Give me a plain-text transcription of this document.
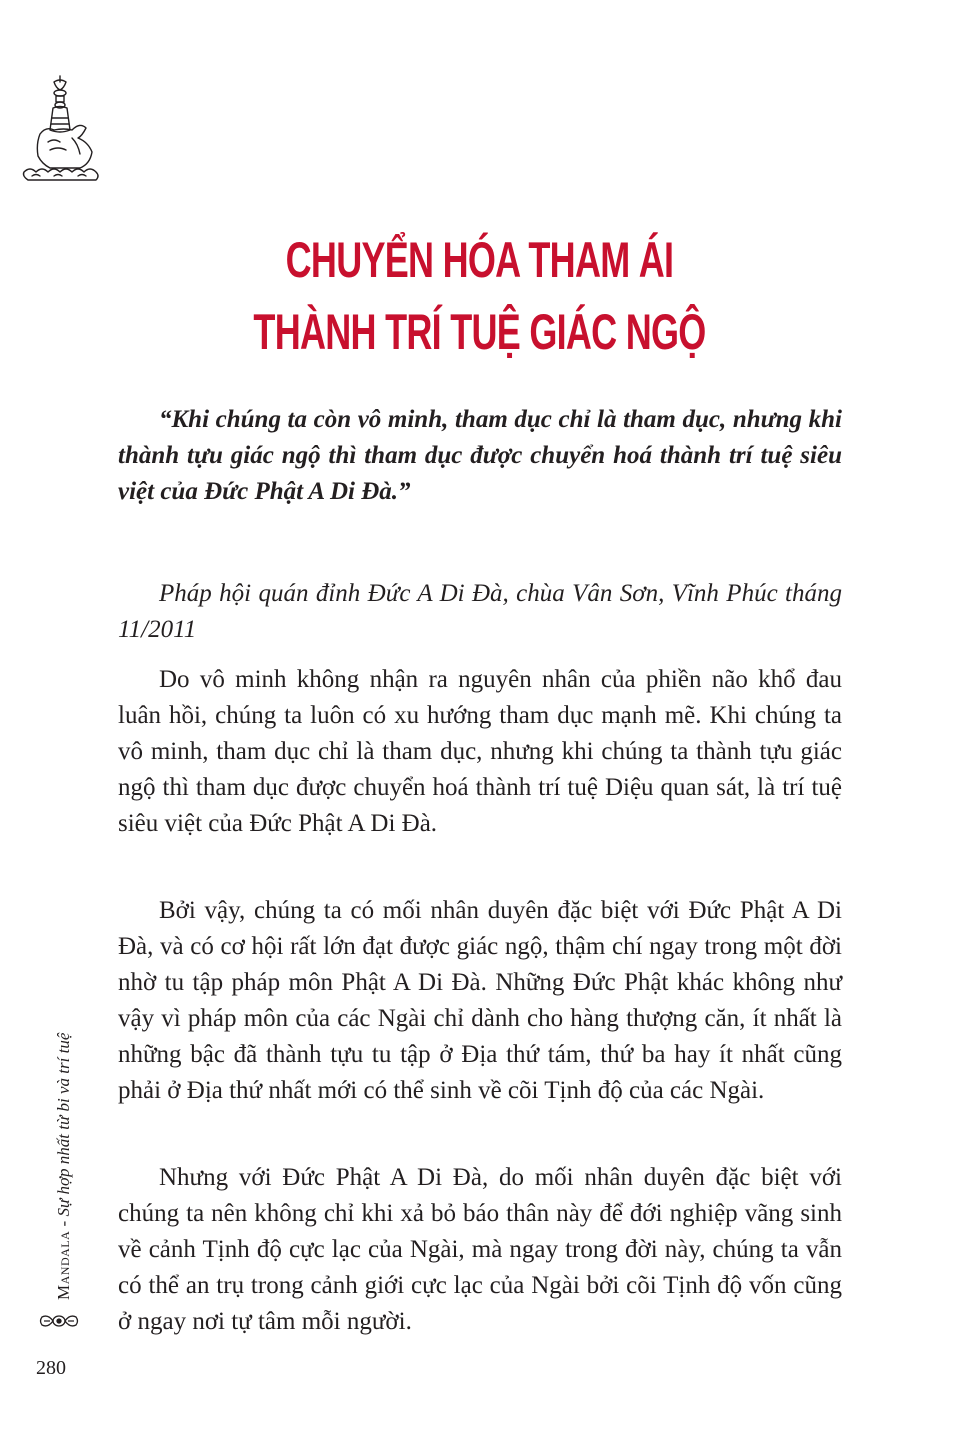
CHUYỂN HÓA THAM ÁI
THÀNH TRÍ TUỆ GIÁC NGỘ

“Khi chúng ta còn vô minh, tham dục chỉ là tham dục, nhưng khi thành tựu giác ngộ thì tham dục được chuyển hoá thành trí tuệ siêu việt của Đức Phật A Di Đà.”

Pháp hội quán đỉnh Đức A Di Đà, chùa Vân Sơn, Vĩnh Phúc tháng 11/2011

Do vô minh không nhận ra nguyên nhân của phiền não khổ đau luân hồi, chúng ta luôn có xu hướng tham dục mạnh mẽ. Khi chúng ta vô minh, tham dục chỉ là tham dục, nhưng khi chúng ta thành tựu giác ngộ thì tham dục được chuyển hoá thành trí tuệ Diệu quan sát, là trí tuệ siêu việt của Đức Phật A Di Đà.

Bởi vậy, chúng ta có mối nhân duyên đặc biệt với Đức Phật A Di Đà, và có cơ hội rất lớn đạt được giác ngộ, thậm chí ngay trong một đời nhờ tu tập pháp môn Phật A Di Đà. Những Đức Phật khác không như vậy vì pháp môn của các Ngài chỉ dành cho hàng thượng căn, ít nhất là những bậc đã thành tựu tu tập ở Địa thứ tám, thứ ba hay ít nhất cũng phải ở Địa thứ nhất mới có thể sinh về cõi Tịnh độ của các Ngài.

Nhưng với Đức Phật A Di Đà, do mối nhân duyên đặc biệt với chúng ta nên không chỉ khi xả bỏ báo thân này để đới nghiệp vãng sinh về cảnh Tịnh độ cực lạc của Ngài, mà ngay trong đời này, chúng ta vẫn có thể an trụ trong cảnh giới cực lạc của Ngài bởi cõi Tịnh độ vốn cũng ở ngay nơi tự tâm mỗi người.

Mandala - Sự hợp nhất từ bi và trí tuệ
280
